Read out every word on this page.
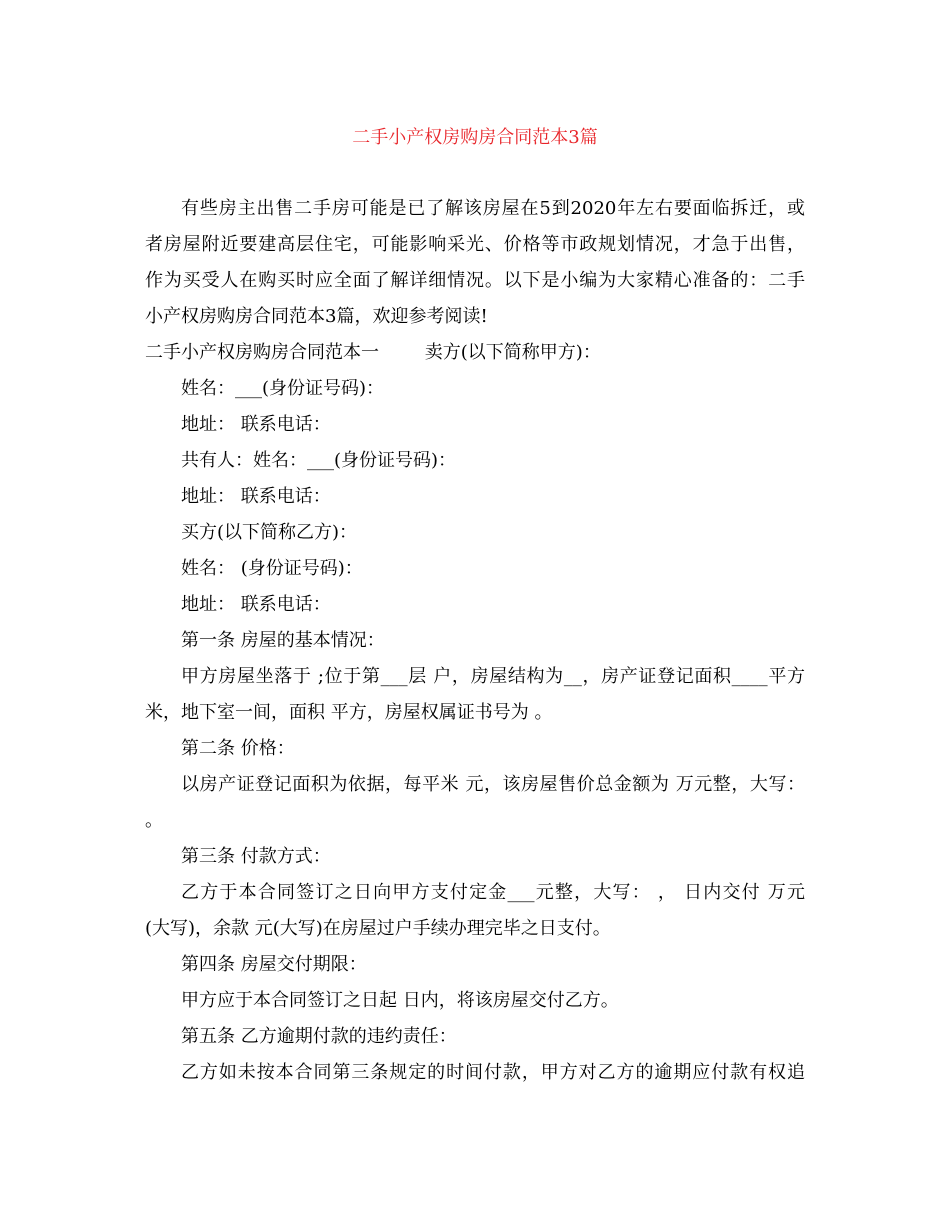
二手小产权房购房合同范本3篇
有些房主出售二手房可能是已了解该房屋在5到2020年左右要面临拆迁，或
者房屋附近要建高层住宅，可能影响采光、价格等市政规划情况，才急于出售，
作为买受人在购买时应全面了解详细情况。以下是小编为大家精心准备的：二手
小产权房购房合同范本3篇，欢迎参考阅读!
二手小产权房购房合同范本一        卖方(以下简称甲方)：
姓名：___(身份证号码)：
地址： 联系电话：
共有人：姓名：___(身份证号码)：
地址： 联系电话：
买方(以下简称乙方)：
姓名： (身份证号码)：
地址： 联系电话：
第一条 房屋的基本情况：
甲方房屋坐落于 ;位于第___层 户，房屋结构为__，房产证登记面积____平方
米，地下室一间，面积 平方，房屋权属证书号为 。
第二条 价格：
以房产证登记面积为依据，每平米 元，该房屋售价总金额为 万元整，大写：
。
第三条 付款方式：
乙方于本合同签订之日向甲方支付定金___元整，大写： ， 日内交付 万元
(大写)，余款 元(大写)在房屋过户手续办理完毕之日支付。
第四条 房屋交付期限：
甲方应于本合同签订之日起 日内，将该房屋交付乙方。
第五条 乙方逾期付款的违约责任：
乙方如未按本合同第三条规定的时间付款，甲方对乙方的逾期应付款有权追
